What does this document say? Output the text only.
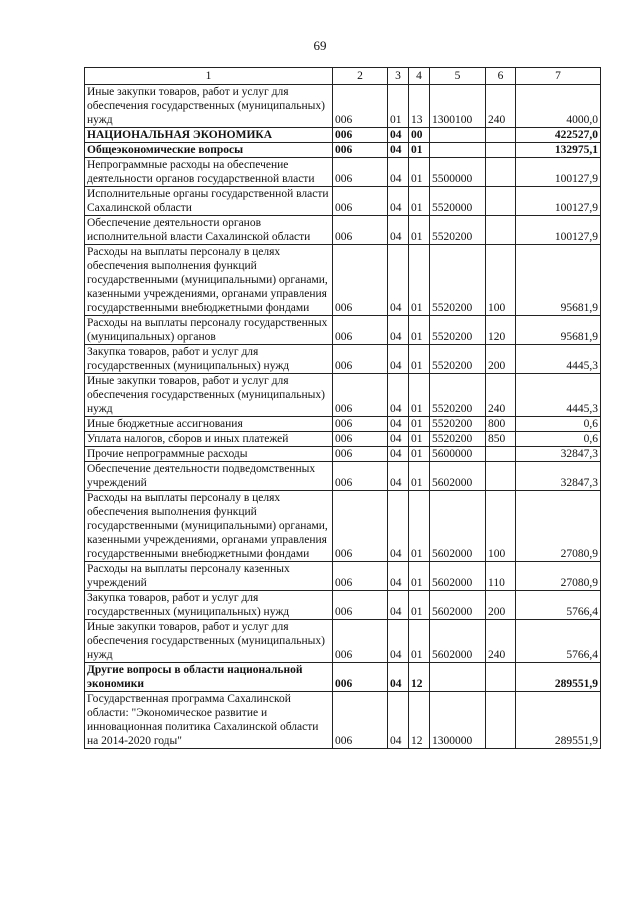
69
1	2	3	4	5	6	7
Иные закупки товаров, работ и услуг для обеспечения государственных (муниципальных) нужд	006	01	13	1300100	240	4000,0
НАЦИОНАЛЬНАЯ ЭКОНОМИКА	006	04	00			422527,0
Общеэкономические вопросы	006	04	01			132975,1
Непрограммные расходы на обеспечение деятельности органов государственной власти	006	04	01	5500000		100127,9
Исполнительные органы государственной власти Сахалинской области	006	04	01	5520000		100127,9
Обеспечение деятельности органов исполнительной власти Сахалинской области	006	04	01	5520200		100127,9
Расходы на выплаты персоналу в целях обеспечения выполнения функций государственными (муниципальными) органами, казенными учреждениями, органами управления государственными внебюджетными фондами	006	04	01	5520200	100	95681,9
Расходы на выплаты персоналу государственных (муниципальных) органов	006	04	01	5520200	120	95681,9
Закупка товаров, работ и услуг для государственных (муниципальных) нужд	006	04	01	5520200	200	4445,3
Иные закупки товаров, работ и услуг для обеспечения государственных (муниципальных) нужд	006	04	01	5520200	240	4445,3
Иные бюджетные ассигнования	006	04	01	5520200	800	0,6
Уплата налогов, сборов и иных платежей	006	04	01	5520200	850	0,6
Прочие непрограммные расходы	006	04	01	5600000		32847,3
Обеспечение деятельности подведомственных учреждений	006	04	01	5602000		32847,3
Расходы на выплаты персоналу в целях обеспечения выполнения функций государственными (муниципальными) органами, казенными учреждениями, органами управления государственными внебюджетными фондами	006	04	01	5602000	100	27080,9
Расходы на выплаты персоналу казенных учреждений	006	04	01	5602000	110	27080,9
Закупка товаров, работ и услуг для государственных (муниципальных) нужд	006	04	01	5602000	200	5766,4
Иные закупки товаров, работ и услуг для обеспечения государственных (муниципальных) нужд	006	04	01	5602000	240	5766,4
Другие вопросы в области национальной экономики	006	04	12			289551,9
Государственная программа Сахалинской области: "Экономическое развитие и инновационная политика Сахалинской области на 2014-2020 годы"	006	04	12	1300000		289551,9
